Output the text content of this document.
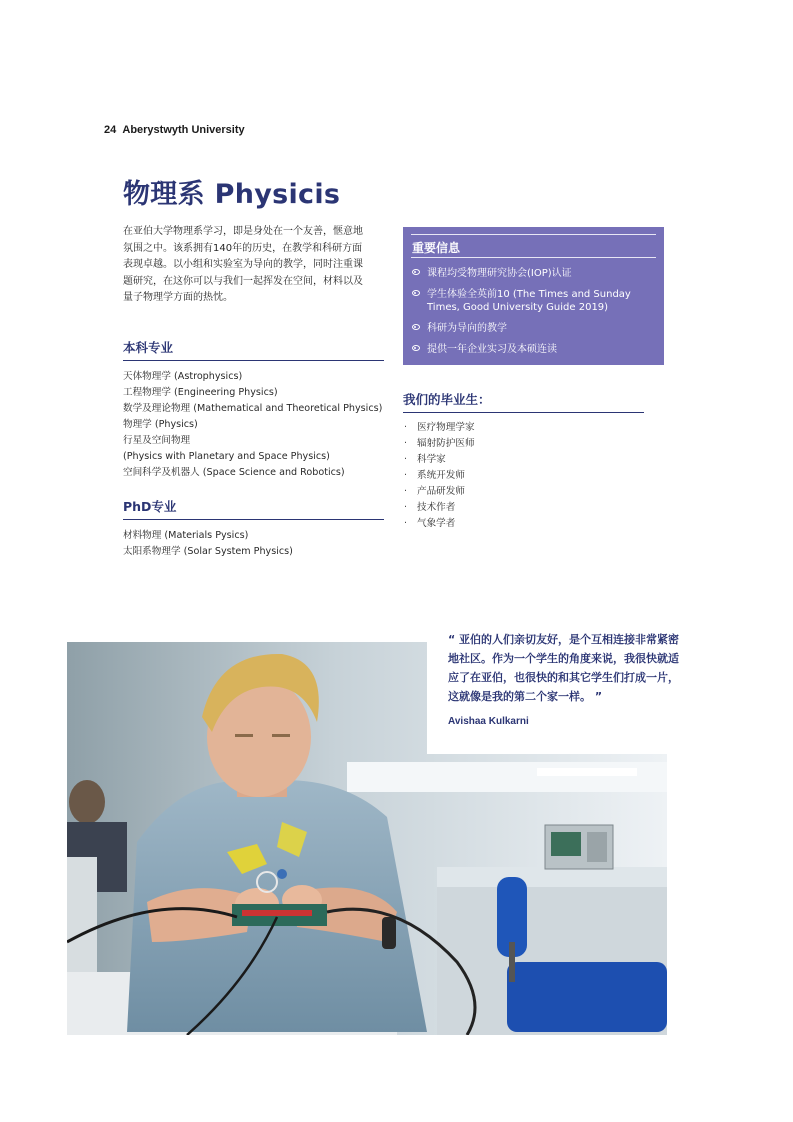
24 Aberystwyth University
物理系 Physicis
在亚伯大学物理系学习，即是身处在一个友善，惬意地
氛围之中。该系拥有140年的历史，在教学和科研方面
表现卓越。以小组和实验室为导向的教学，同时注重课
题研究，在这你可以与我们一起挥发在空间，材料以及
量子物理学方面的热忱。
本科专业
天体物理学 (Astrophysics)
工程物理学 (Engineering Physics)
数学及理论物理 (Mathematical and Theoretical Physics)
物理学 (Physics)
行星及空间物理
(Physics with Planetary and Space Physics)
空间科学及机器人 (Space Science and Robotics)
PhD专业
材料物理 (Materials Pysics)
太阳系物理学 (Solar System Physics)
重要信息
课程均受物理研究协会(IOP)认证
学生体验全英前10 (The Times and Sunday Times, Good University Guide 2019)
科研为导向的教学
提供一年企业实习及本硕连读
我们的毕业生：
·	医疗物理学家
·	辐射防护医师
·	科学家
·	系统开发师
·	产品研发师
·	技术作者
·	气象学者
“ 亚伯的人们亲切友好，是个互相连接非常紧密
地社区。作为一个学生的角度来说，我很快就适
应了在亚伯，也很快的和其它学生们打成一片，
这就像是我的第二个家一样。 ”
Avishaa Kulkarni
